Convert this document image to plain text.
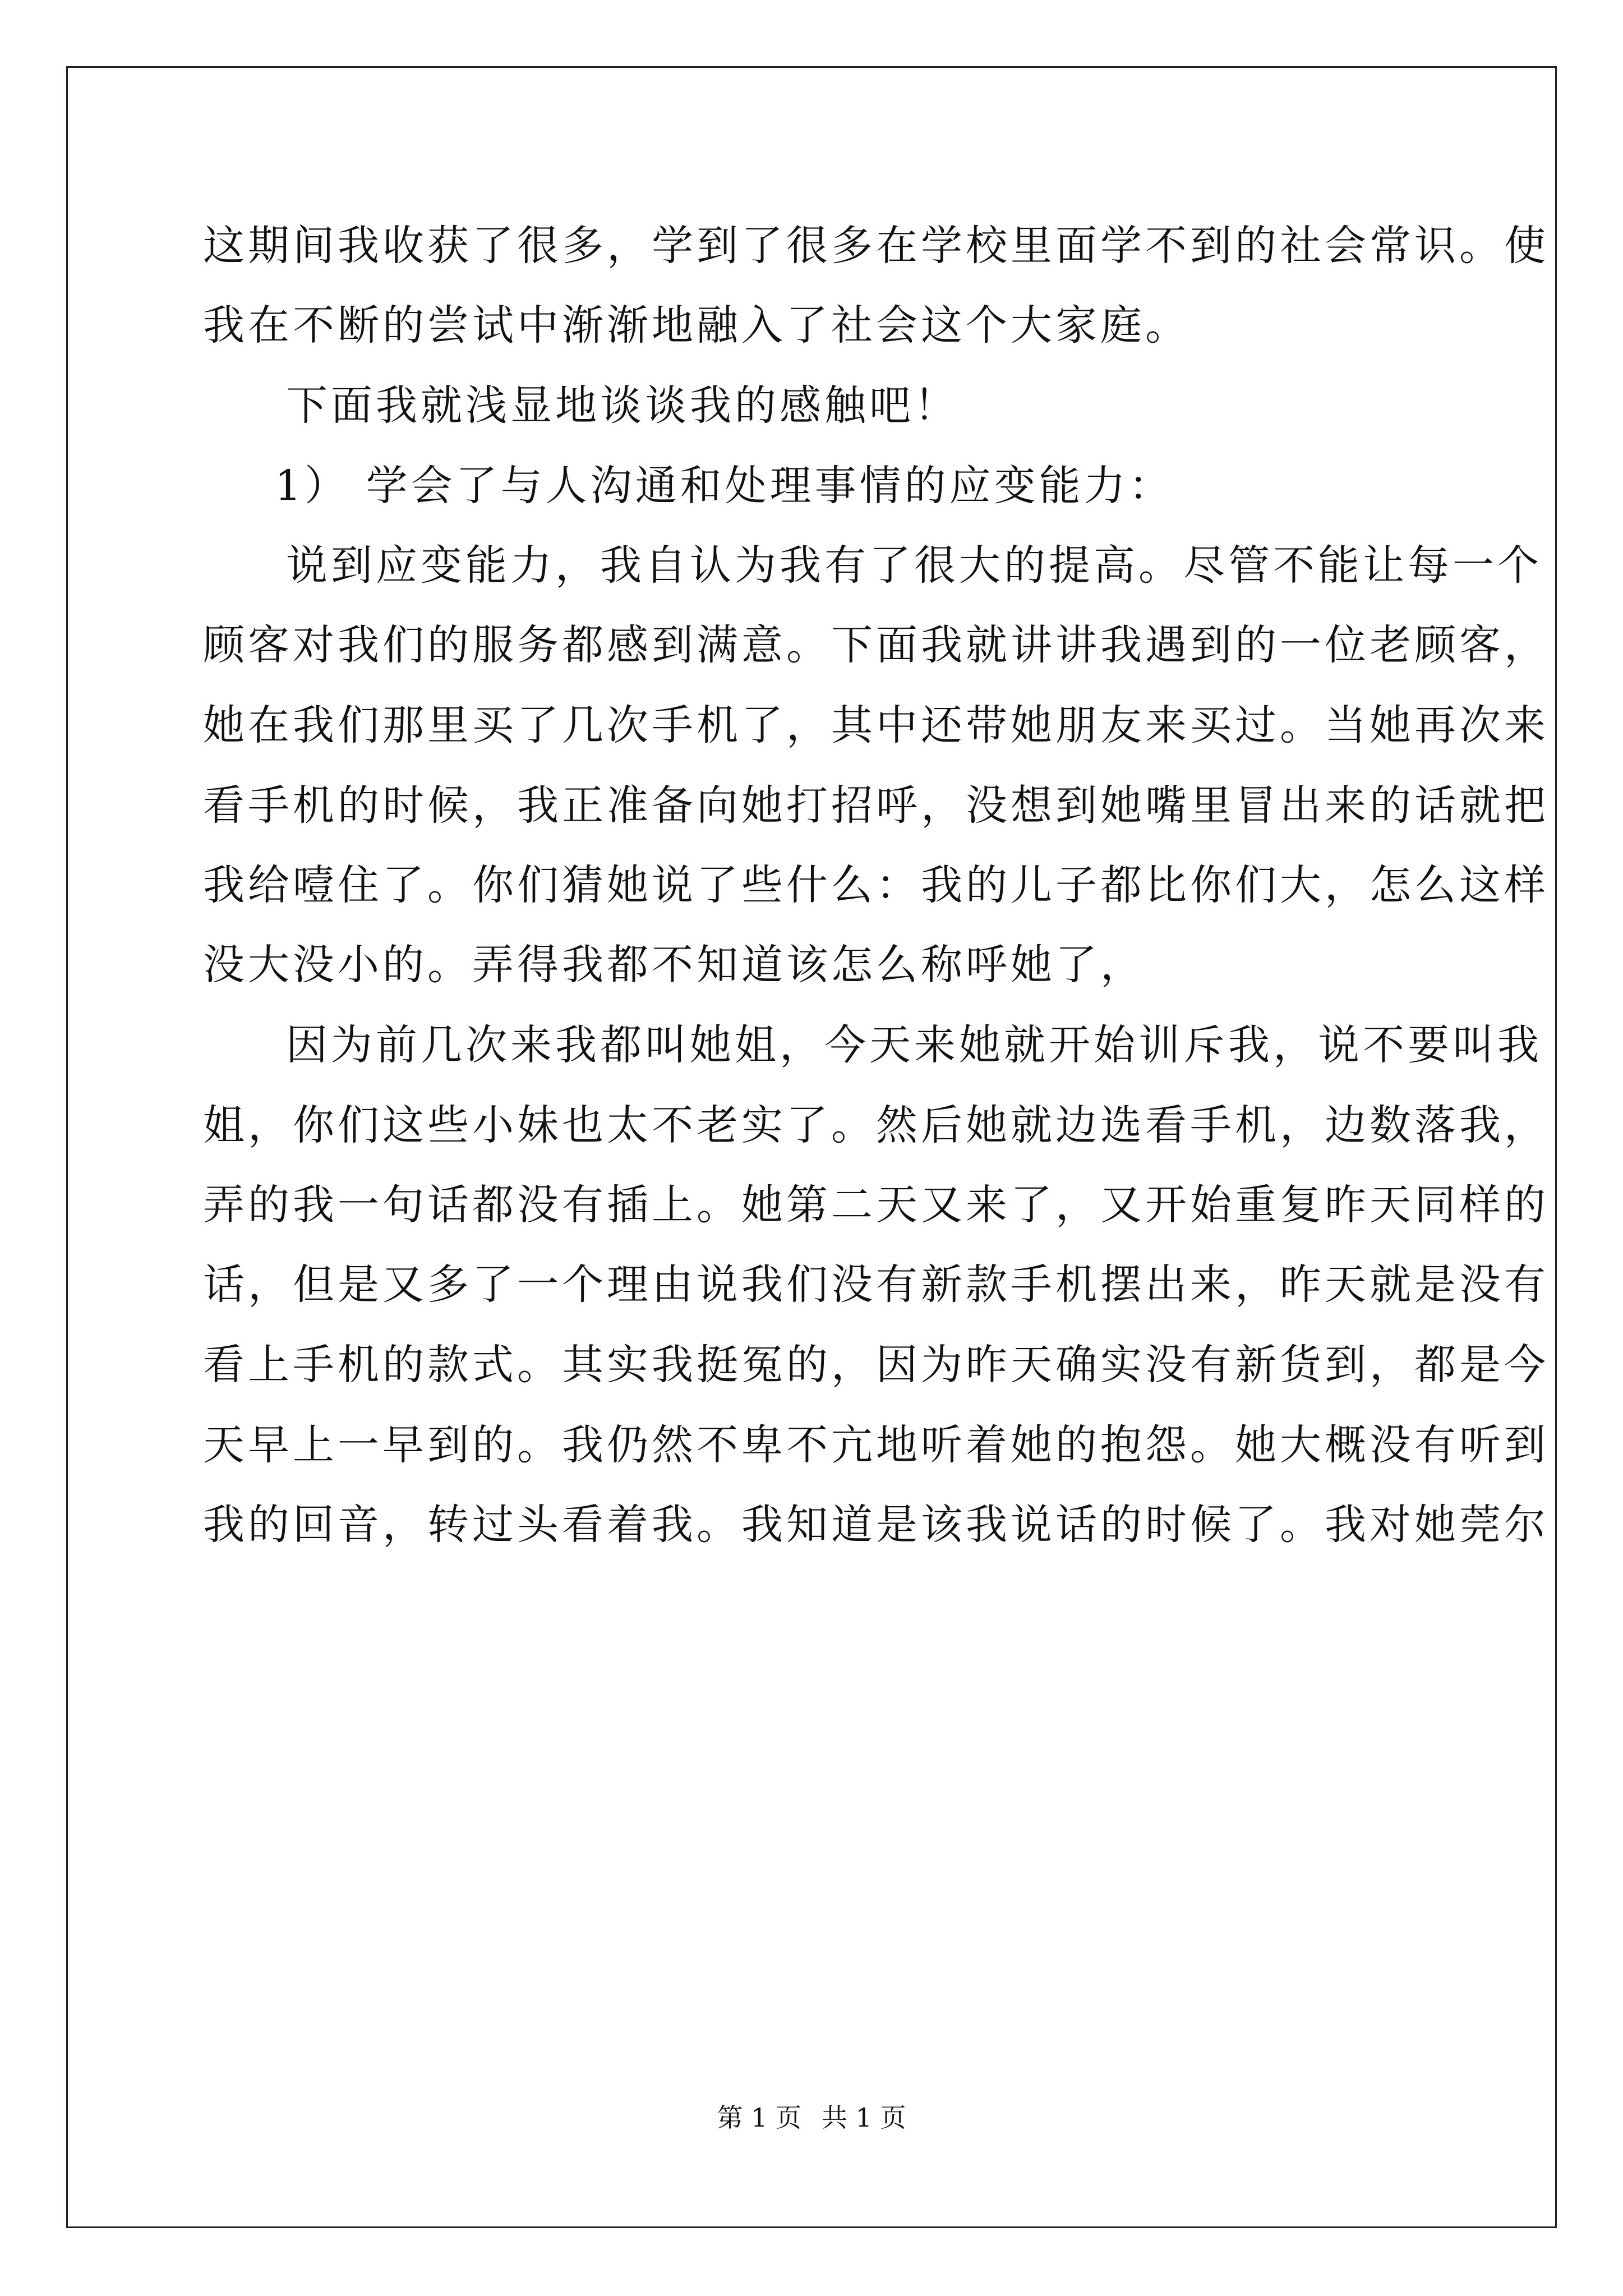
这期间我收获了很多，学到了很多在学校里面学不到的社会常识。使
我在不断的尝试中渐渐地融入了社会这个大家庭。
下面我就浅显地谈谈我的感触吧！
1） 学会了与人沟通和处理事情的应变能力：
说到应变能力，我自认为我有了很大的提高。尽管不能让每一个
顾客对我们的服务都感到满意。下面我就讲讲我遇到的一位老顾客，
她在我们那里买了几次手机了，其中还带她朋友来买过。当她再次来
看手机的时候，我正准备向她打招呼，没想到她嘴里冒出来的话就把
我给噎住了。你们猜她说了些什么：我的儿子都比你们大，怎么这样
没大没小的。弄得我都不知道该怎么称呼她了，
因为前几次来我都叫她姐，今天来她就开始训斥我，说不要叫我
姐，你们这些小妹也太不老实了。然后她就边选看手机，边数落我，
弄的我一句话都没有插上。她第二天又来了，又开始重复昨天同样的
话，但是又多了一个理由说我们没有新款手机摆出来，昨天就是没有
看上手机的款式。其实我挺冤的，因为昨天确实没有新货到，都是今
天早上一早到的。我仍然不卑不亢地听着她的抱怨。她大概没有听到
我的回音，转过头看着我。我知道是该我说话的时候了。我对她莞尔
第 1 页 共 1 页
